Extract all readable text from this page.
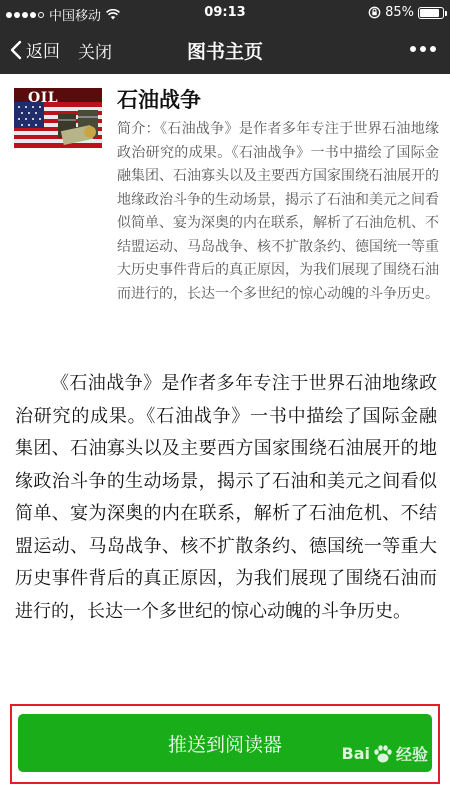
中国移动	09:13	85%
返回 关闭	图书主页
OIL	石油战争

简介：《石油战争》是作者多年专注于世界石油地缘政治研究的成果。《石油战争》一书中描绘了国际金融集团、石油寡头以及主要西方国家围绕石油展开的地缘政治斗争的生动场景，揭示了石油和美元之间看似简单、宴为深奥的内在联系，解析了石油危机、不结盟运动、马岛战争、核不扩散条约、德国统一等重大历史事件背后的真正原因，为我们展现了围绕石油而进行的，长达一个多世纪的惊心动魄的斗争历史。

《石油战争》是作者多年专注于世界石油地缘政治研究的成果。《石油战争》一书中描绘了国际金融集团、石油寡头以及主要西方国家围绕石油展开的地缘政治斗争的生动场景，揭示了石油和美元之间看似简单、宴为深奥的内在联系，解析了石油危机、不结盟运动、马岛战争、核不扩散条约、德国统一等重大历史事件背后的真正原因，为我们展现了围绕石油而进行的，长达一个多世纪的惊心动魄的斗争历史。

推送到阅读器	Bai 经验
